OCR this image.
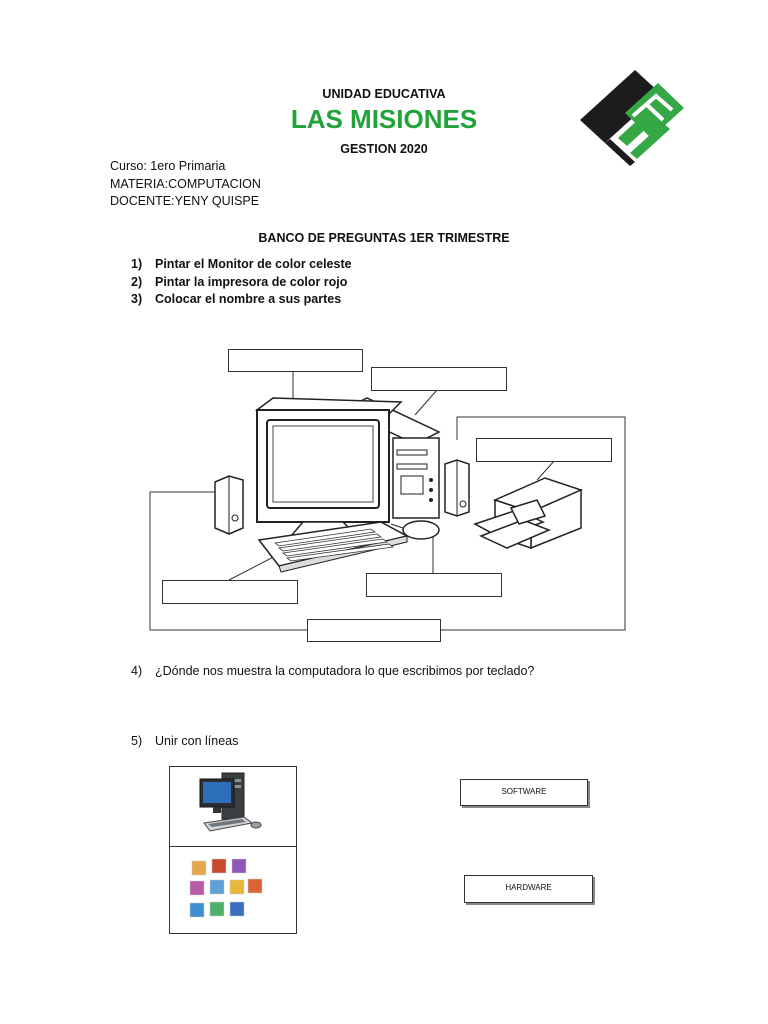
UNIDAD EDUCATIVA
LAS MISIONES
GESTION 2020
Curso: 1ero Primaria
MATERIA:COMPUTACION
DOCENTE:YENY QUISPE
BANCO DE PREGUNTAS 1ER TRIMESTRE
1) Pintar el Monitor de color celeste
2) Pintar la impresora de color rojo
3) Colocar el nombre a sus partes
4) ¿Dónde nos muestra la computadora lo que escribimos por teclado?
5) Unir con líneas
SOFTWARE
HARDWARE
